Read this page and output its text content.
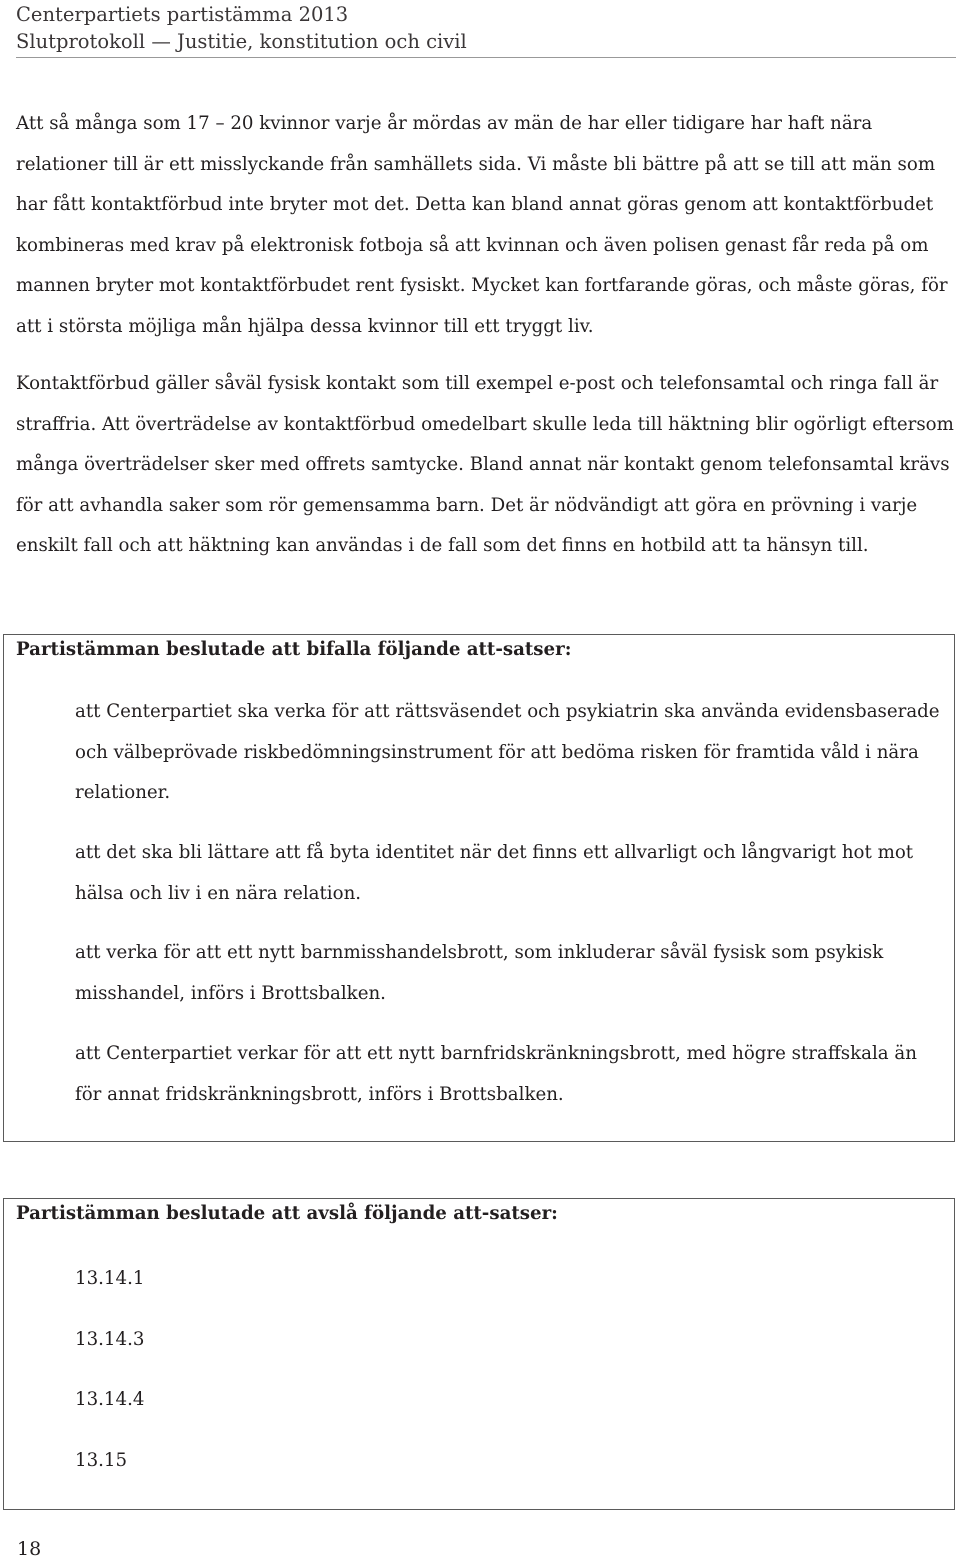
Centerpartiets partistämma 2013
Slutprotokoll — Justitie, konstitution och civil

Att så många som 17 – 20 kvinnor varje år mördas av män de har eller tidigare har haft nära relationer till är ett misslyckande från samhällets sida. Vi måste bli bättre på att se till att män som har fått kontaktförbud inte bryter mot det. Detta kan bland annat göras genom att kontaktförbudet kombineras med krav på elektronisk fotboja så att kvinnan och även polisen genast får reda på om mannen bryter mot kontaktförbudet rent fysiskt. Mycket kan fortfarande göras, och måste göras, för att i största möjliga mån hjälpa dessa kvinnor till ett tryggt liv.

Kontaktförbud gäller såväl fysisk kontakt som till exempel e-post och telefonsamtal och ringa fall är straffria. Att överträdelse av kontaktförbud omedelbart skulle leda till häktning blir ogörligt eftersom många överträdelser sker med offrets samtycke. Bland annat när kontakt genom telefonsamtal krävs för att avhandla saker som rör gemensamma barn. Det är nödvändigt att göra en prövning i varje enskilt fall och att häktning kan användas i de fall som det finns en hotbild att ta hänsyn till.

Partistämman beslutade att bifalla följande att-satser:

att Centerpartiet ska verka för att rättsväsendet och psykiatrin ska använda evidensbaserade och välbeprövade riskbedömningsinstrument för att bedöma risken för framtida våld i nära relationer.

att det ska bli lättare att få byta identitet när det finns ett allvarligt och långvarigt hot mot hälsa och liv i en nära relation.

att verka för att ett nytt barnmisshandelsbrott, som inkluderar såväl fysisk som psykisk misshandel, införs i Brottsbalken.

att Centerpartiet verkar för att ett nytt barnfridskränkningsbrott, med högre straffskala än för annat fridskränkningsbrott, införs i Brottsbalken.

Partistämman beslutade att avslå följande att-satser:
13.14.1
13.14.3
13.14.4
13.15
18
